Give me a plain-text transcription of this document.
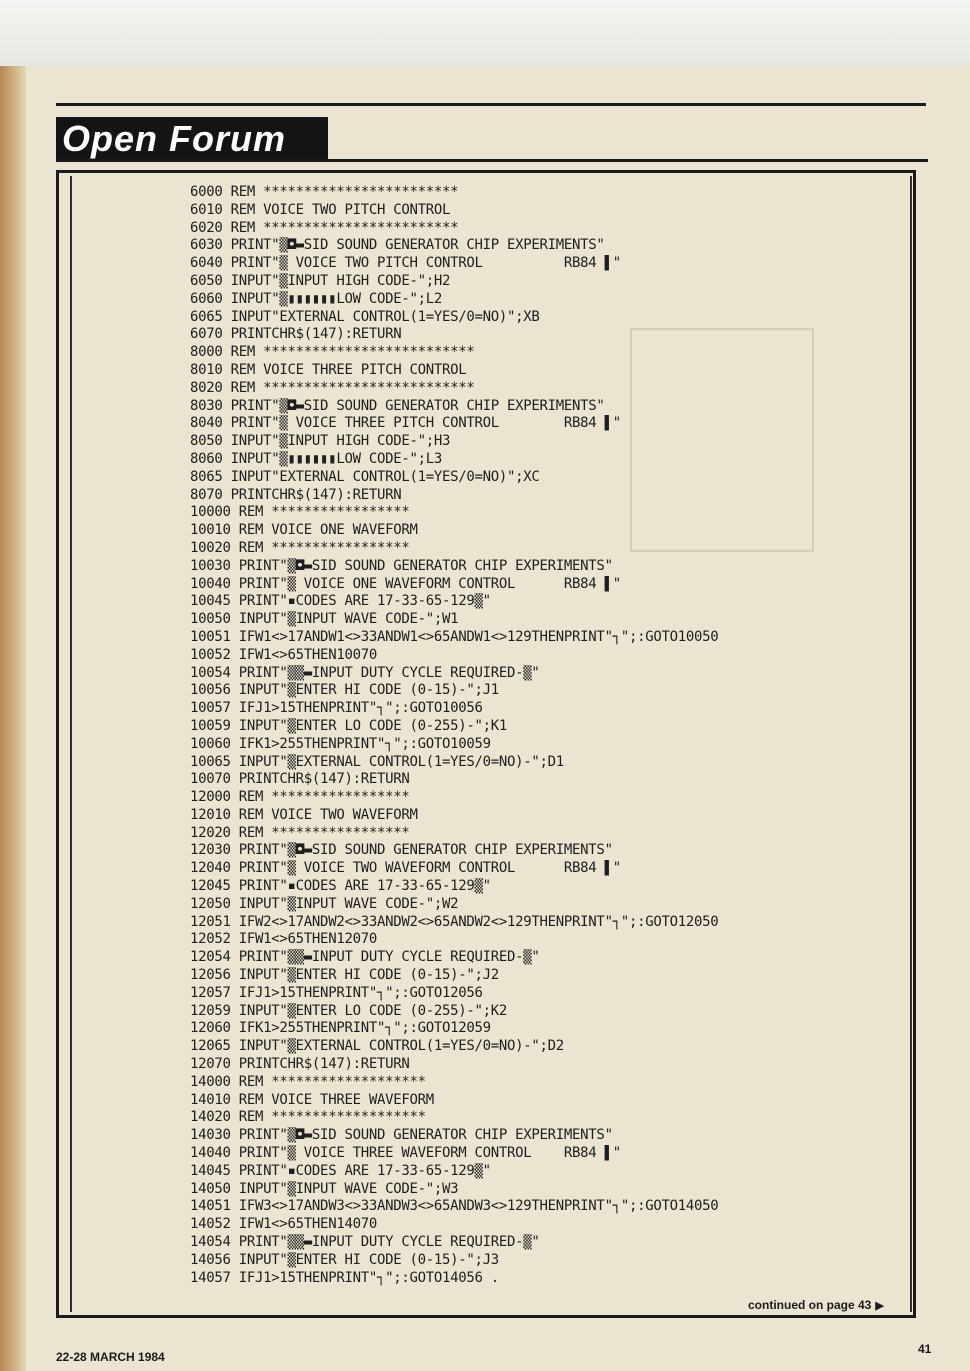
Open Forum
6000 REM ************************
6010 REM VOICE TWO PITCH CONTROL
6020 REM ************************
6030 PRINT"▒◘▬SID SOUND GENERATOR CHIP EXPERIMENTS"
6040 PRINT"▒ VOICE TWO PITCH CONTROL          RB84 ▌"
6050 INPUT"▒INPUT HIGH CODE-";H2
6060 INPUT"▒▮▮▮▮▮▮LOW CODE-";L2
6065 INPUT"EXTERNAL CONTROL(1=YES/0=NO)";XB
6070 PRINTCHR$(147):RETURN
8000 REM **************************
8010 REM VOICE THREE PITCH CONTROL
8020 REM **************************
8030 PRINT"▒◘▬SID SOUND GENERATOR CHIP EXPERIMENTS"
8040 PRINT"▒ VOICE THREE PITCH CONTROL        RB84 ▌"
8050 INPUT"▒INPUT HIGH CODE-";H3
8060 INPUT"▒▮▮▮▮▮▮LOW CODE-";L3
8065 INPUT"EXTERNAL CONTROL(1=YES/0=NO)";XC
8070 PRINTCHR$(147):RETURN
10000 REM *****************
10010 REM VOICE ONE WAVEFORM
10020 REM *****************
10030 PRINT"▒◘▬SID SOUND GENERATOR CHIP EXPERIMENTS"
10040 PRINT"▒ VOICE ONE WAVEFORM CONTROL      RB84 ▌"
10045 PRINT"▪CODES ARE 17-33-65-129▒"
10050 INPUT"▒INPUT WAVE CODE-";W1
10051 IFW1<>17ANDW1<>33ANDW1<>65ANDW1<>129THENPRINT"┐";:GOTO10050
10052 IFW1<>65THEN10070
10054 PRINT"▒▒▬INPUT DUTY CYCLE REQUIRED-▒"
10056 INPUT"▒ENTER HI CODE (0-15)-";J1
10057 IFJ1>15THENPRINT"┐";:GOTO10056
10059 INPUT"▒ENTER LO CODE (0-255)-";K1
10060 IFK1>255THENPRINT"┐";:GOTO10059
10065 INPUT"▒EXTERNAL CONTROL(1=YES/0=NO)-";D1
10070 PRINTCHR$(147):RETURN
12000 REM *****************
12010 REM VOICE TWO WAVEFORM
12020 REM *****************
12030 PRINT"▒◘▬SID SOUND GENERATOR CHIP EXPERIMENTS"
12040 PRINT"▒ VOICE TWO WAVEFORM CONTROL      RB84 ▌"
12045 PRINT"▪CODES ARE 17-33-65-129▒"
12050 INPUT"▒INPUT WAVE CODE-";W2
12051 IFW2<>17ANDW2<>33ANDW2<>65ANDW2<>129THENPRINT"┐";:GOTO12050
12052 IFW1<>65THEN12070
12054 PRINT"▒▒▬INPUT DUTY CYCLE REQUIRED-▒"
12056 INPUT"▒ENTER HI CODE (0-15)-";J2
12057 IFJ1>15THENPRINT"┐";:GOTO12056
12059 INPUT"▒ENTER LO CODE (0-255)-";K2
12060 IFK1>255THENPRINT"┐";:GOTO12059
12065 INPUT"▒EXTERNAL CONTROL(1=YES/0=NO)-";D2
12070 PRINTCHR$(147):RETURN
14000 REM *******************
14010 REM VOICE THREE WAVEFORM
14020 REM *******************
14030 PRINT"▒◘▬SID SOUND GENERATOR CHIP EXPERIMENTS"
14040 PRINT"▒ VOICE THREE WAVEFORM CONTROL    RB84 ▌"
14045 PRINT"▪CODES ARE 17-33-65-129▒"
14050 INPUT"▒INPUT WAVE CODE-";W3
14051 IFW3<>17ANDW3<>33ANDW3<>65ANDW3<>129THENPRINT"┐";:GOTO14050
14052 IFW1<>65THEN14070
14054 PRINT"▒▒▬INPUT DUTY CYCLE REQUIRED-▒"
14056 INPUT"▒ENTER HI CODE (0-15)-";J3
14057 IFJ1>15THENPRINT"┐";:GOTO14056 .
continued on page 43 ▶
22-28 MARCH 1984
41
